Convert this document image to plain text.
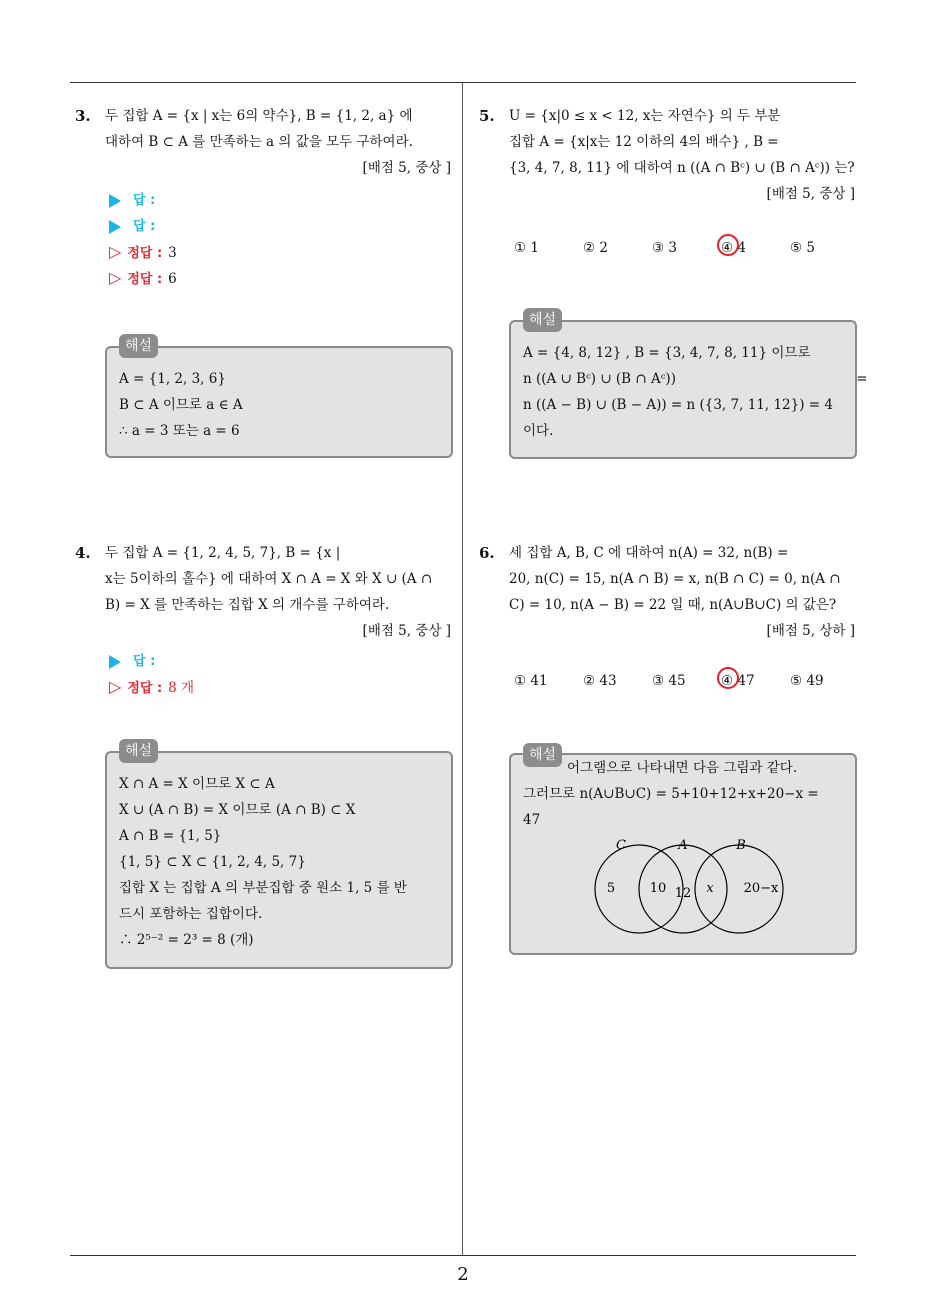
3. 두 집합 A = {x | x는 6의 약수}, B = {1, 2, a} 에
대하여 B ⊂ A 를 만족하는 a 의 값을 모두 구하여라.
[배점 5, 중상 ]
답 :
답 :
▷ 정답 : 3
▷ 정답 : 6
해설
A = {1, 2, 3, 6}
B ⊂ A 이므로 a ∈ A
∴ a = 3 또는 a = 6
4. 두 집합 A = {1, 2, 4, 5, 7}, B = {x |
x는 5이하의 홀수} 에 대하여 X ∩ A = X 와 X ∪ (A ∩
B) = X 를 만족하는 집합 X 의 개수를 구하여라.
[배점 5, 중상 ]
답 :
▷ 정답 : 8 개
해설
X ∩ A = X 이므로 X ⊂ A
X ∪ (A ∩ B) = X 이므로 (A ∩ B) ⊂ X
A ∩ B = {1, 5}
{1, 5} ⊂ X ⊂ {1, 2, 4, 5, 7}
집합 X 는 집합 A 의 부분집합 중 원소 1, 5 를 반
드시 포함하는 집합이다.
∴ 2⁵⁻² = 2³ = 8 (개)
5. U = {x|0 ≤ x < 12, x는 자연수} 의 두 부분
집합 A = {x|x는 12 이하의 4의 배수} , B =
{3, 4, 7, 8, 11} 에 대하여 n ((A ∩ Bᶜ) ∪ (B ∩ Aᶜ)) 는?
[배점 5, 중상 ]
① 1	② 2	③ 3	④ 4	⑤ 5
해설
A = {4, 8, 12} , B = {3, 4, 7, 8, 11} 이므로
n ((A ∪ Bᶜ) ∪ (B ∩ Aᶜ))                                          =
n ((A − B) ∪ (B − A)) = n ({3, 7, 11, 12}) = 4
이다.
6. 세 집합 A, B, C 에 대하여 n(A) = 32, n(B) =
20, n(C) = 15, n(A ∩ B) = x, n(B ∩ C) = 0, n(A ∩
C) = 10, n(A − B) = 22 일 때, n(A∪B∪C) 의 값은?
[배점 5, 상하 ]
① 41	② 43	③ 45	④ 47	⑤ 49
해설
어그램으로 나타내면 다음 그림과 같다.
그러므로 n(A∪B∪C) = 5+10+12+x+20−x =
47
C	A	B
5	10 12 x 20−x
2
